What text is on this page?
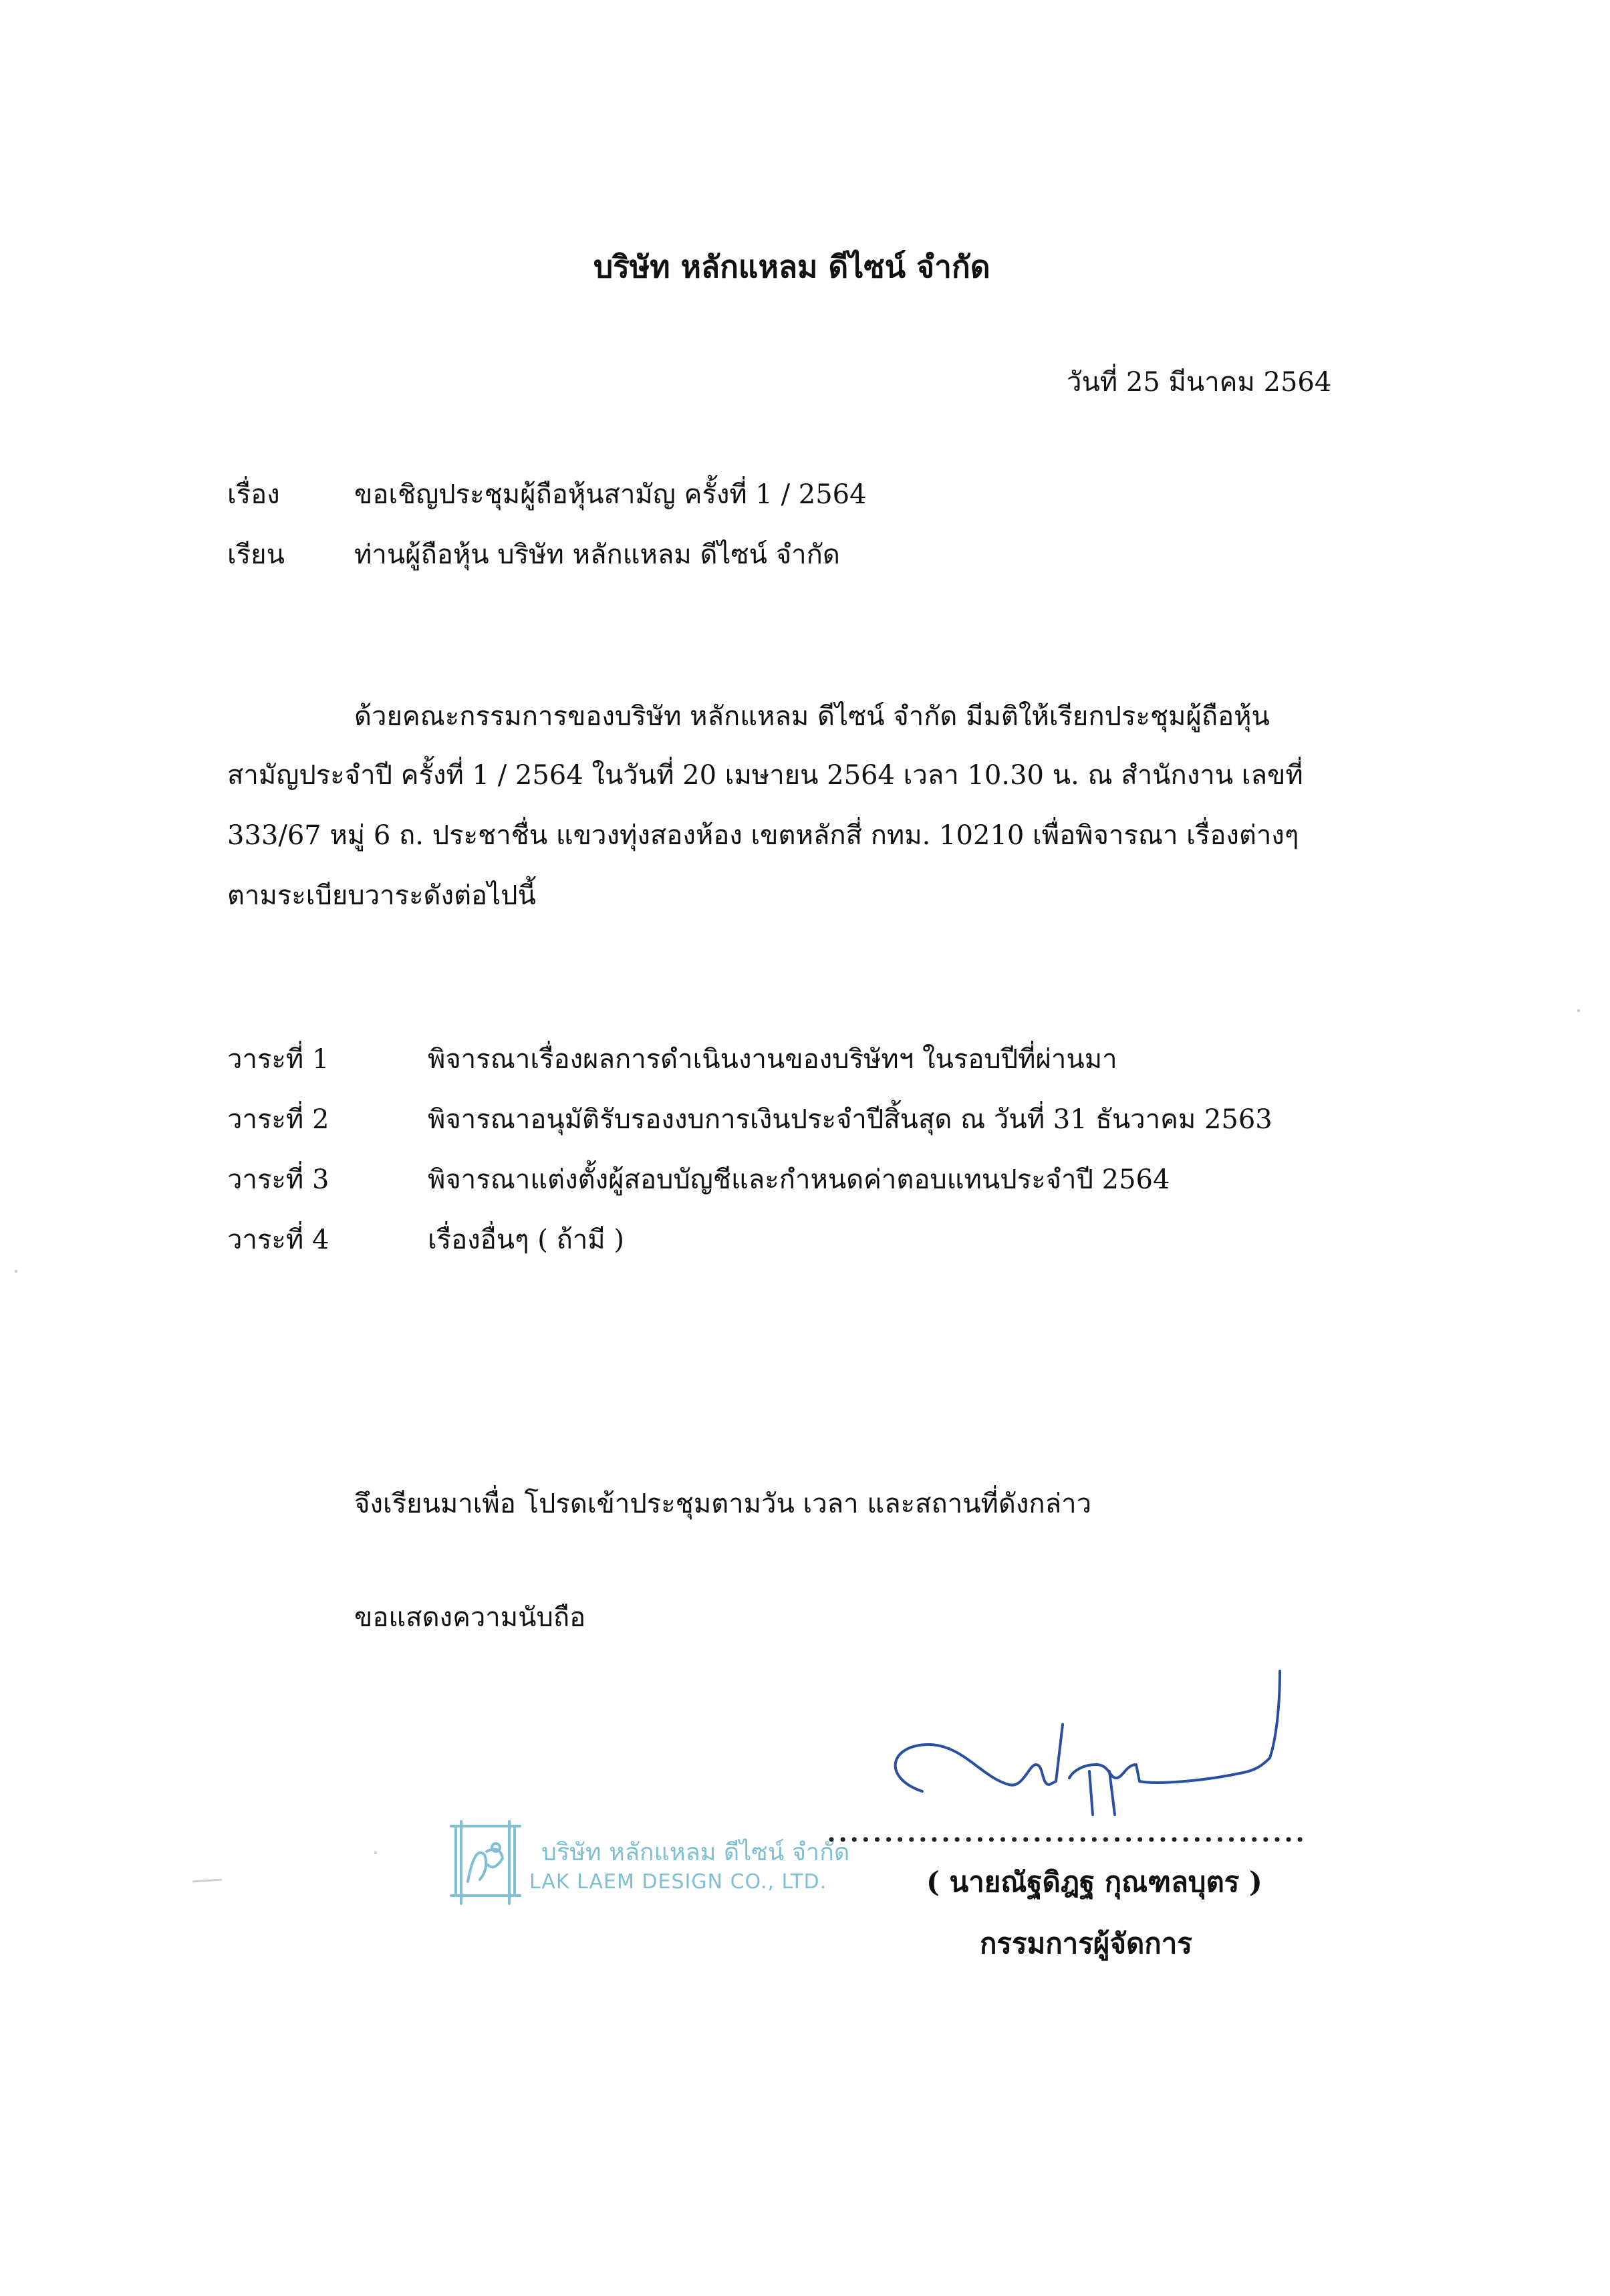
บริษัท หลักแหลม ดีไซน์ จำกัด
วันที่ 25 มีนาคม 2564
เรื่อง	ขอเชิญประชุมผู้ถือหุ้นสามัญ ครั้งที่ 1 / 2564
เรียน	ท่านผู้ถือหุ้น บริษัท หลักแหลม ดีไซน์ จำกัด
ด้วยคณะกรรมการของบริษัท หลักแหลม ดีไซน์ จำกัด มีมติให้เรียกประชุมผู้ถือหุ้น
สามัญประจำปี ครั้งที่ 1 / 2564 ในวันที่ 20 เมษายน 2564 เวลา 10.30 น. ณ สำนักงาน เลขที่
333/67 หมู่ 6 ถ. ประชาชื่น แขวงทุ่งสองห้อง เขตหลักสี่ กทม. 10210 เพื่อพิจารณา เรื่องต่างๆ
ตามระเบียบวาระดังต่อไปนี้
วาระที่ 1	พิจารณาเรื่องผลการดำเนินงานของบริษัทฯ ในรอบปีที่ผ่านมา
วาระที่ 2	พิจารณาอนุมัติรับรองงบการเงินประจำปีสิ้นสุด ณ วันที่ 31 ธันวาคม 2563
วาระที่ 3	พิจารณาแต่งตั้งผู้สอบบัญชีและกำหนดค่าตอบแทนประจำปี 2564
วาระที่ 4	เรื่องอื่นๆ ( ถ้ามี )
จึงเรียนมาเพื่อ โปรดเข้าประชุมตามวัน เวลา และสถานที่ดังกล่าว
ขอแสดงความนับถือ
บริษัท หลักแหลม ดีไซน์ จำกัด
LAK LAEM DESIGN CO., LTD.	( นายณัฐดิฎฐ กุณฑลบุตร )
กรรมการผู้จัดการ
